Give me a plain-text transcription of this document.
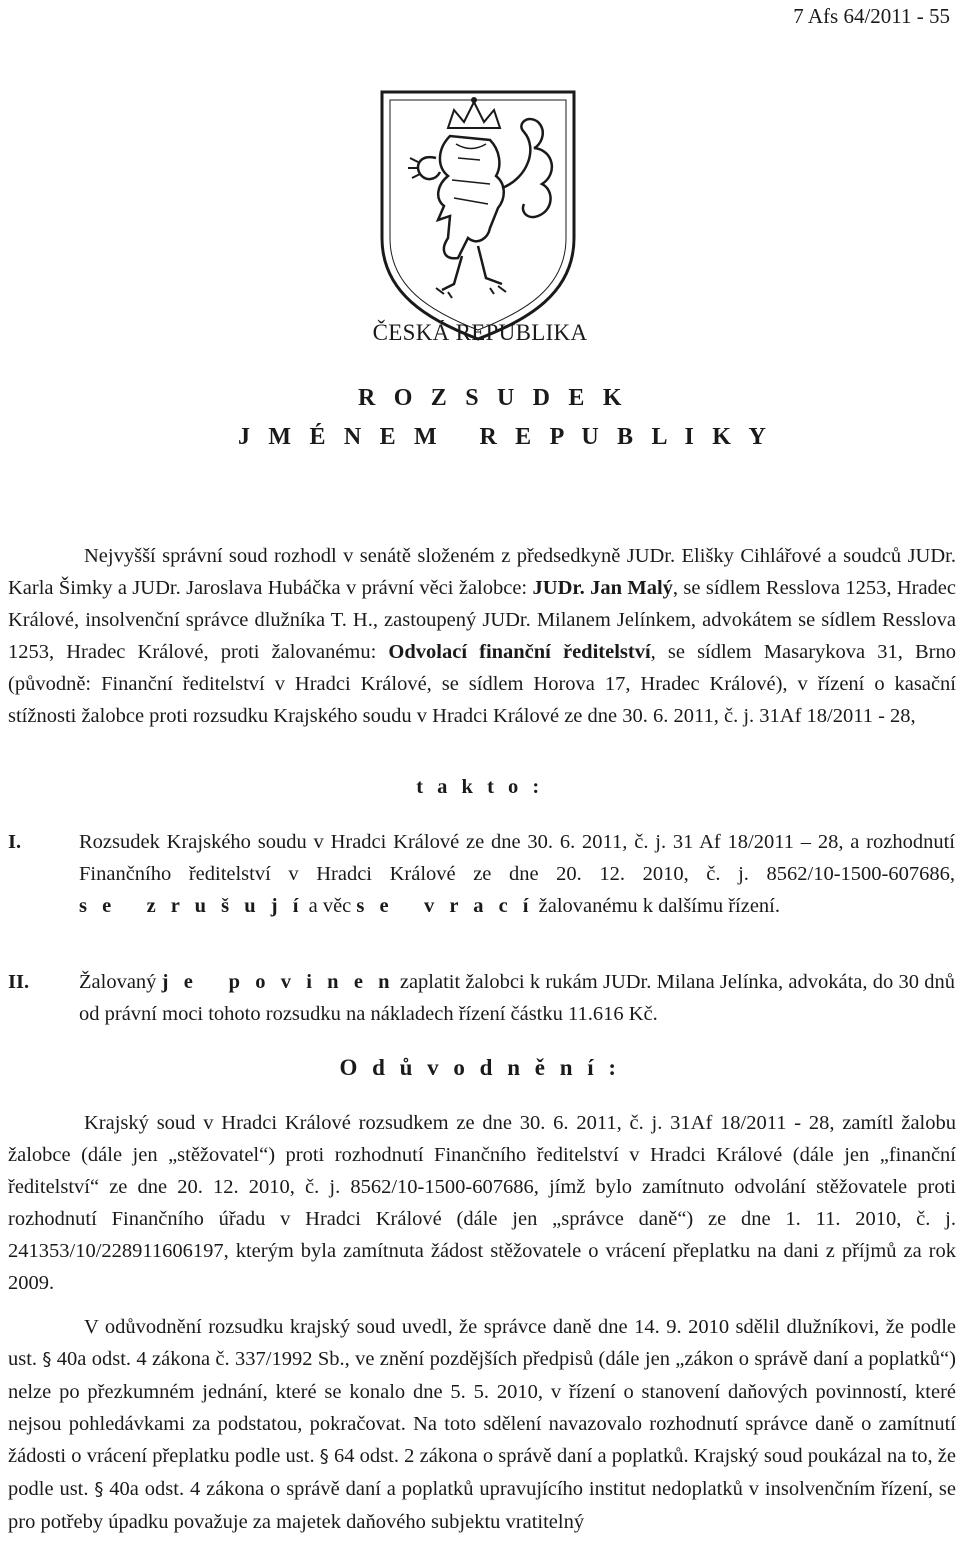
7 Afs 64/2011 - 55
ČESKÁ REPUBLIKA
R O Z S U D E K
J M É N E M   R E P U B L I K Y

Nejvyšší správní soud rozhodl v senátě složeném z předsedkyně JUDr. Elišky Cihlářové a soudců JUDr. Karla Šimky a JUDr. Jaroslava Hubáčka v právní věci žalobce: JUDr. Jan Malý, se sídlem Resslova 1253, Hradec Králové, insolvenční správce dlužníka T. H., zastoupený JUDr. Milanem Jelínkem, advokátem se sídlem Resslova 1253, Hradec Králové, proti žalovanému: Odvolací finanční ředitelství, se sídlem Masarykova 31, Brno (původně: Finanční ředitelství v Hradci Králové, se sídlem Horova 17, Hradec Králové), v řízení o kasační stížnosti žalobce proti rozsudku Krajského soudu v Hradci Králové ze dne 30. 6. 2011, č. j. 31Af 18/2011 - 28,

t a k t o :
I.	Rozsudek Krajského soudu v Hradci Králové ze dne 30. 6. 2011, č. j. 31 Af 18/2011 – 28, a rozhodnutí Finančního ředitelství v Hradci Králové ze dne 20. 12. 2010, č. j. 8562/10-1500-607686, s e   z r u š u j í a věc s e   v r a c í žalovanému k dalšímu řízení.
II. Žalovaný j e   p o v i n e n zaplatit žalobci k rukám JUDr. Milana Jelínka, advokáta, do 30 dnů od právní moci tohoto rozsudku na nákladech řízení částku 11.616 Kč.
O d ů v o d n ě n í :

Krajský soud v Hradci Králové rozsudkem ze dne 30. 6. 2011, č. j. 31Af 18/2011 - 28, zamítl žalobu žalobce (dále jen „stěžovatel“) proti rozhodnutí Finančního ředitelství v Hradci Králové (dále jen „finanční ředitelství“ ze dne 20. 12. 2010, č. j. 8562/10-1500-607686, jímž bylo zamítnuto odvolání stěžovatele proti rozhodnutí Finančního úřadu v Hradci Králové (dále jen „správce daně“) ze dne 1. 11. 2010, č. j. 241353/10/228911606197, kterým byla zamítnuta žádost stěžovatele o vrácení přeplatku na dani z příjmů za rok 2009.

V odůvodnění rozsudku krajský soud uvedl, že správce daně dne 14. 9. 2010 sdělil dlužníkovi, že podle ust. § 40a odst. 4 zákona č. 337/1992 Sb., ve znění pozdějších předpisů (dále jen „zákon o správě daní a poplatků“) nelze po přezkumném jednání, které se konalo dne 5. 5. 2010, v řízení o stanovení daňových povinností, které nejsou pohledávkami za podstatou, pokračovat. Na toto sdělení navazovalo rozhodnutí správce daně o zamítnutí žádosti o vrácení přeplatku podle ust. § 64 odst. 2 zákona o správě daní a poplatků. Krajský soud poukázal na to, že podle ust. § 40a odst. 4 zákona o správě daní a poplatků upravujícího institut nedoplatků v insolvenčním řízení, se pro potřeby úpadku považuje za majetek daňového subjektu vratitelný
